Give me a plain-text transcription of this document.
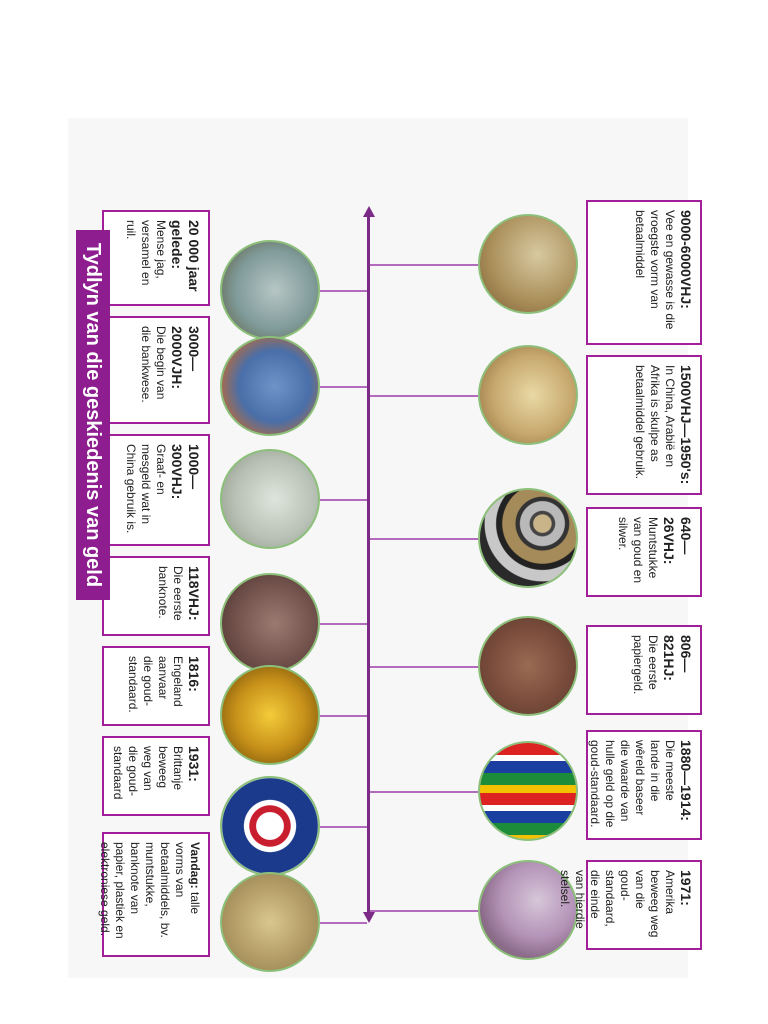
9000-6000VHJ:
Vee en gewasse is die vroegste vorm van betaalmiddel
1500VHJ—1950's:
In China, Arabië en Afrika is skulpe as betaalmiddel gebruik.
640—26VHJ:
Muntstukke van goud en silwer.
806—821HJ:
Die eerste papiergeld.
1880—1914:
Die meeste lande in die wêreld baseer die waarde van hulle geld op die goud-standaard.
1971:
Amerika beweeg weg van die goud-standaard, die einde van hierdie stelsel.
20 000 jaar gelede:
Mense jag, versamel en ruil.
3000—2000VJH:
Die begin van die bankwese.
1000—300VHJ:
Graaf- en mesgeld wat in China gebruik is.
118VHJ:
Die eerste banknote.
1816:
Engeland aanvaar die goud-standaard.
1931:
Brittanje beweeg weg van die goud-standaard
Vandag: talle vorms van betaalmiddels, bv. muntstukke, banknote van papier, plastiek en elektroniese geld.
Tydlyn van die geskiedenis van geld
